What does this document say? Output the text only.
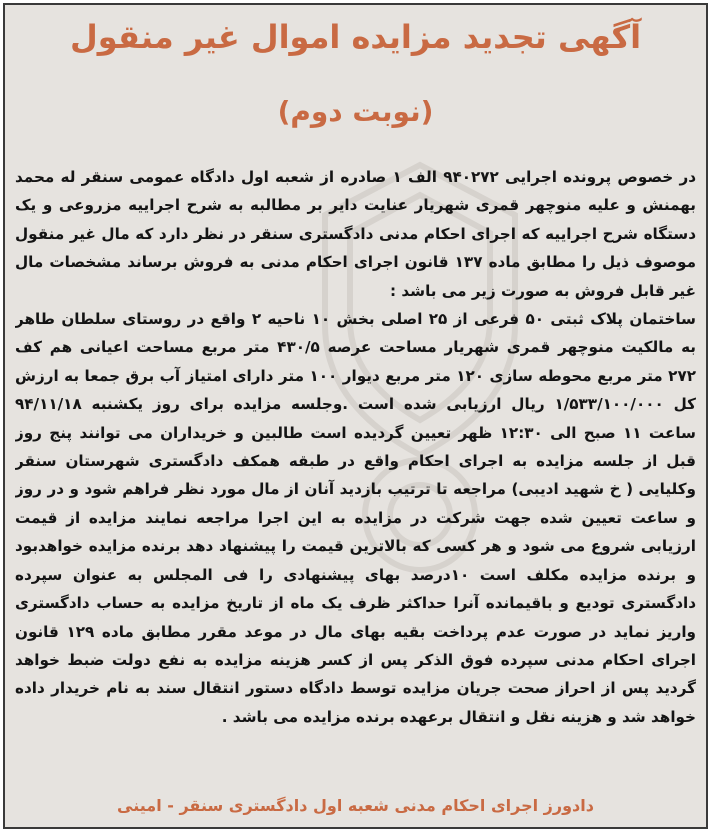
آگهی تجدید مزایده اموال غیر منقول
(نوبت دوم)

در خصوص پرونده اجرایی ۹۴۰۲۷۲ الف ۱ صادره از شعبه اول دادگاه عمومی سنقر له محمد بهمنش و علیه منوچهر قمری شهریار عنایت دایر بر مطالبه به شرح اجراییه مزروعی و یک دستگاه شرح اجراییه که اجرای احکام مدنی دادگستری سنقر در نظر دارد که مال غیر منقول موصوف ذیل را مطابق ماده ۱۳۷ قانون اجرای احکام مدنی به فروش برساند مشخصات مال غیر قابل فروش به صورت زیر می باشد :

ساختمان پلاک ثبتی ۵۰ فرعی از ۲۵ اصلی بخش ۱۰ ناحیه ۲ واقع در روستای سلطان طاهر به مالکیت منوچهر قمری شهریار مساحت عرصه ۴۳۰/۵ متر مربع مساحت اعیانی هم کف ۲۷۲ متر مربع محوطه سازی ۱۲۰ متر مربع دیوار ۱۰۰ متر دارای امتیاز آب برق جمعا به ارزش کل ۱/۵۳۳/۱۰۰/۰۰۰ ریال ارزیابی شده است .وجلسه مزایده برای روز یکشنبه ۹۴/۱۱/۱۸ ساعت ۱۱ صبح الی ۱۲:۳۰ ظهر تعیین گردیده است طالبین و خریداران می توانند پنج روز قبل از جلسه مزایده به اجرای احکام واقع در طبقه همکف دادگستری شهرستان سنقر وکلیایی ( خ شهید ادیبی) مراجعه تا ترتیب بازدید آنان از مال مورد نظر فراهم شود و در روز و ساعت تعیین شده جهت شرکت در مزایده به این اجرا مراجعه نمایند مزایده از قیمت ارزیابی شروع می شود و هر کسی که بالاترین قیمت را پیشنهاد دهد برنده مزایده خواهدبود و برنده مزایده مکلف است ۱۰درصد بهای پیشنهادی را فی المجلس به عنوان سپرده دادگستری تودیع و باقیمانده آنرا حداکثر ظرف یک ماه از تاریخ مزایده به حساب دادگستری واریز نماید در صورت عدم پرداخت بقیه بهای مال در موعد مقرر مطابق ماده ۱۲۹ قانون اجرای احکام مدنی سپرده فوق الذکر پس از کسر هزینه مزایده به نفع دولت ضبط خواهد گردید پس از احراز صحت جریان مزایده توسط دادگاه دستور انتقال سند به نام خریدار داده خواهد شد و هزینه نقل و انتقال برعهده برنده مزایده می باشد .

دادورز اجرای احکام مدنی شعبه اول دادگستری سنقر - امینی
